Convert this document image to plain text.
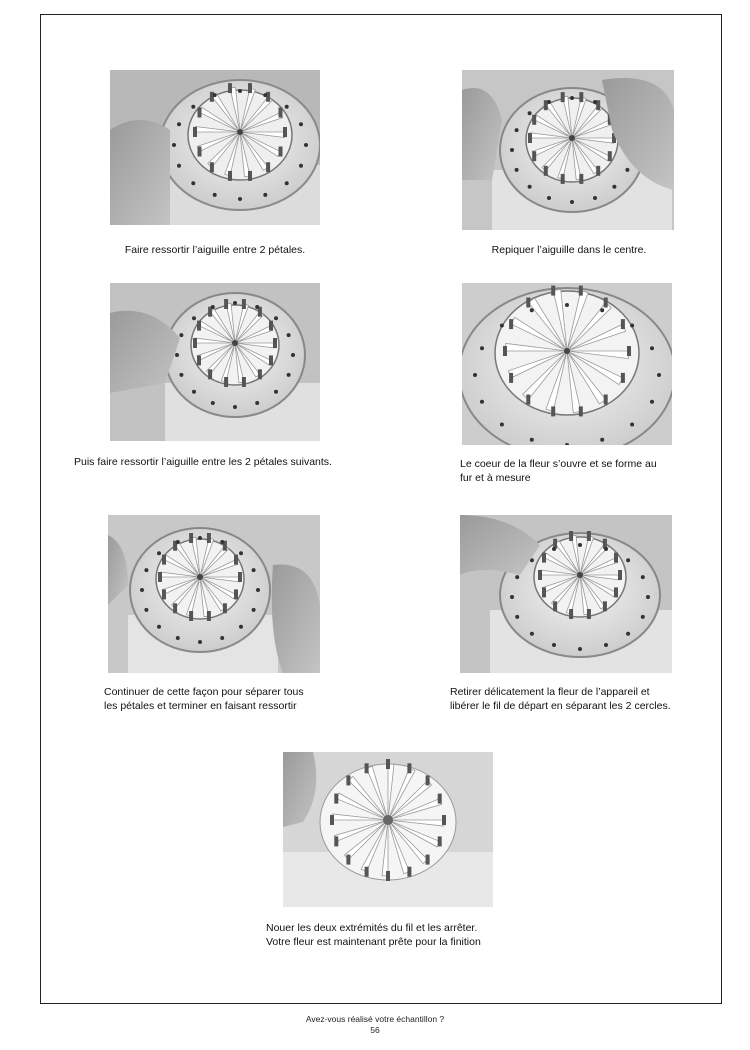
Faire ressortir l’aiguille entre 2 pétales.	Repiquer l’aiguille dans le centre.
Puis faire ressortir l’aiguille entre les 2 pétales suivants.	Le coeur de la fleur s’ouvre et se forme au
fur et à mesure
Continuer de cette façon pour séparer tous
les pétales et terminer en faisant ressortir
Retirer délicatement la fleur de l’appareil et
libérer le fil de départ en séparant les 2 cercles.
Nouer les deux extrémités du fil et les arrêter.
Votre fleur est maintenant prête pour la finition
Avez-vous réalisé votre échantillon ?
56
